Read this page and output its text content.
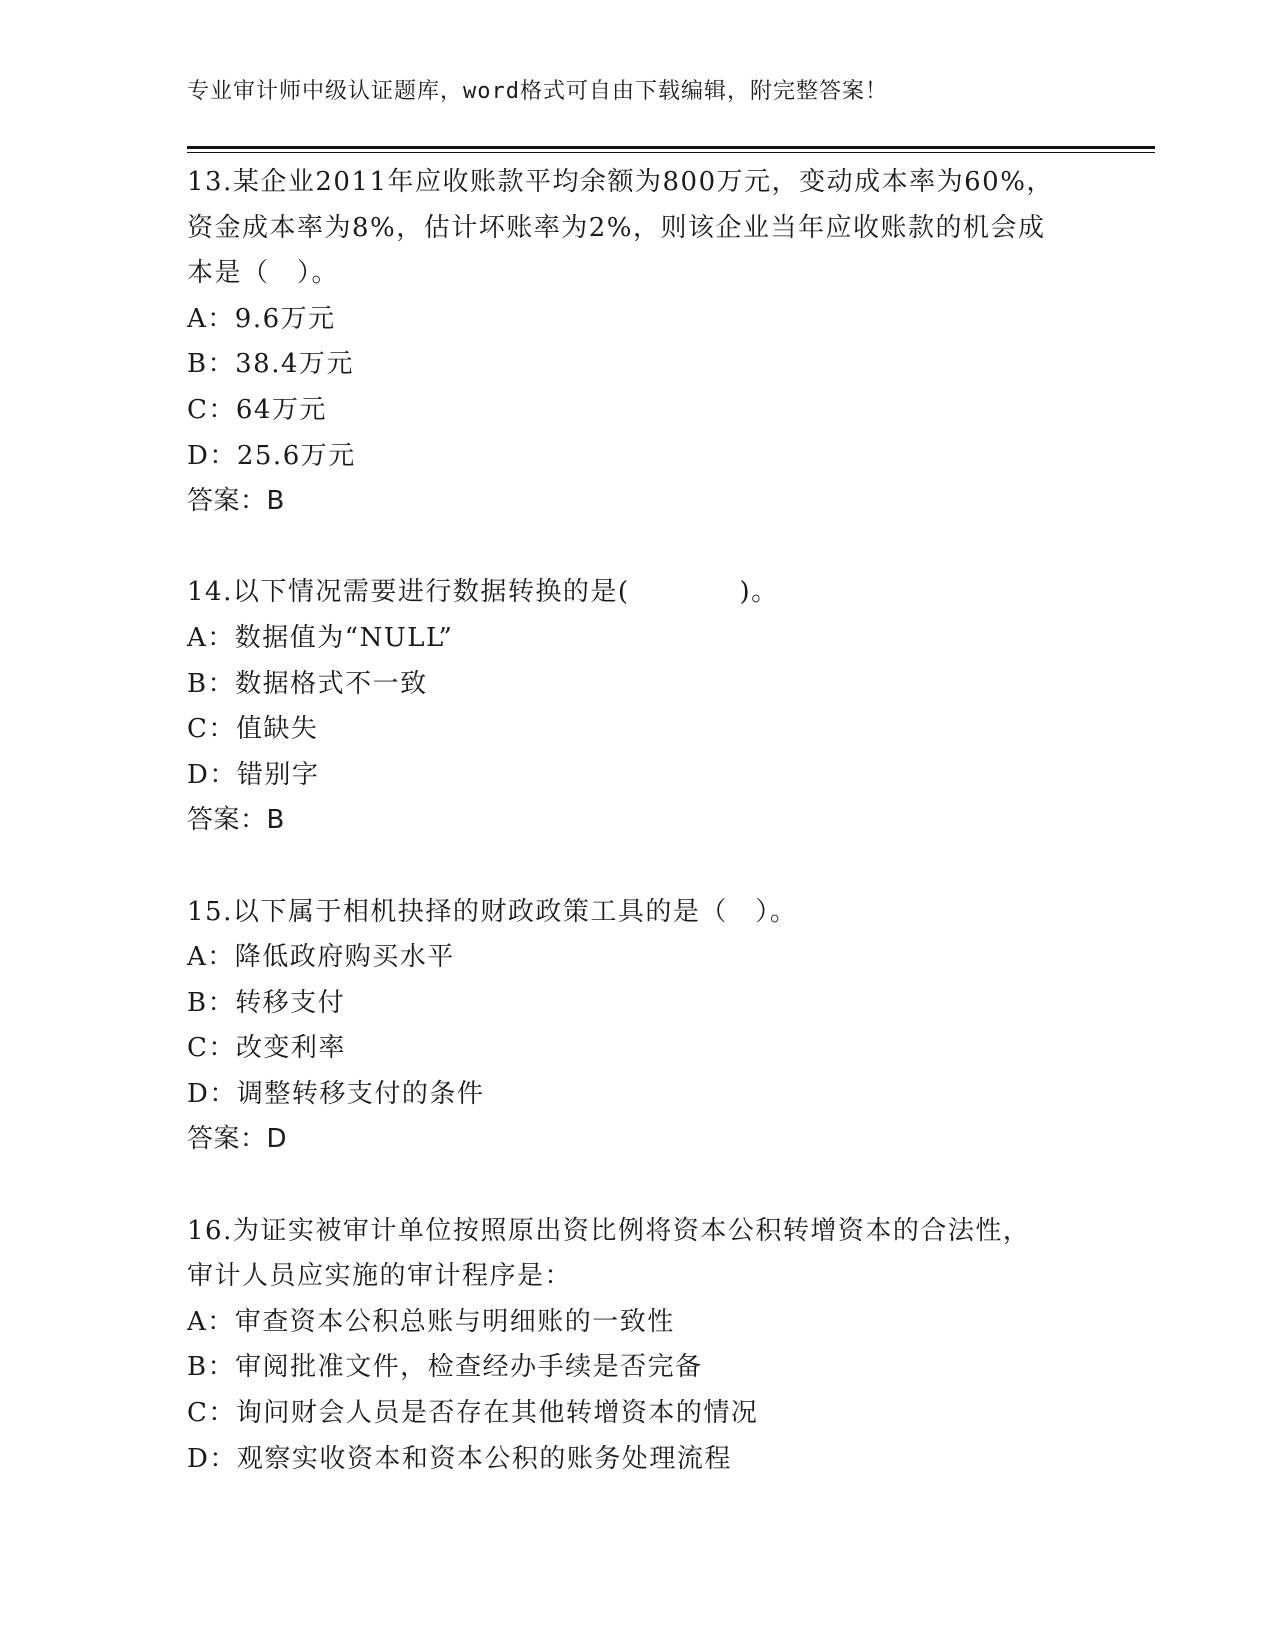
专业审计师中级认证题库，word格式可自由下载编辑，附完整答案！
13.某企业2011年应收账款平均余额为800万元，变动成本率为60%，
资金成本率为8%，估计坏账率为2%，则该企业当年应收账款的机会成
本是（　）。
A：9.6万元
B：38.4万元
C：64万元
D：25.6万元
答案：B
14.以下情况需要进行数据转换的是(　　　　)。
A：数据值为“NULL”
B：数据格式不一致
C：值缺失
D：错别字
答案：B
15.以下属于相机抉择的财政政策工具的是（　）。
A：降低政府购买水平
B：转移支付
C：改变利率
D：调整转移支付的条件
答案：D
16.为证实被审计单位按照原出资比例将资本公积转增资本的合法性，
审计人员应实施的审计程序是：
A：审查资本公积总账与明细账的一致性
B：审阅批准文件，检查经办手续是否完备
C：询问财会人员是否存在其他转增资本的情况
D：观察实收资本和资本公积的账务处理流程
